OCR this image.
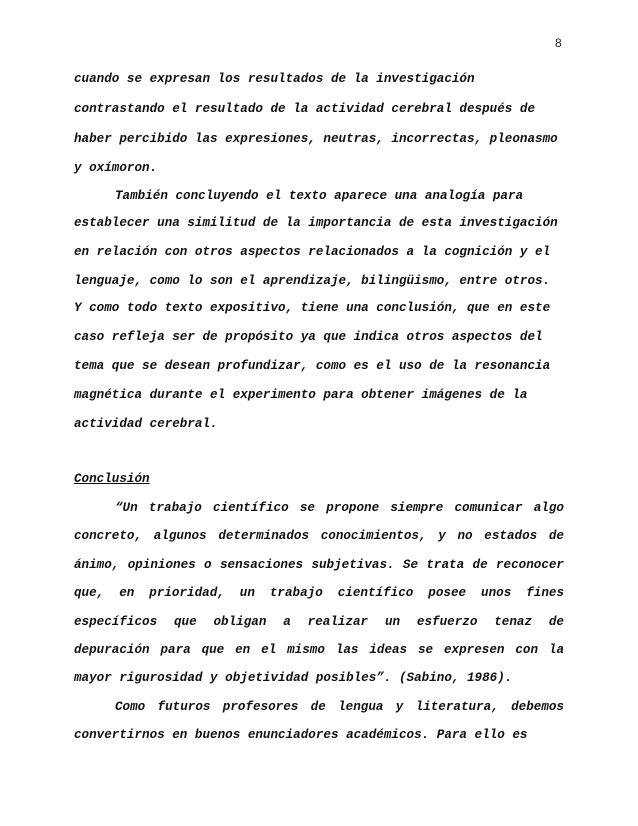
8
cuando se expresan los resultados de la investigación
contrastando el resultado de la actividad cerebral después de
haber percibido las expresiones, neutras, incorrectas, pleonasmo
y oxímoron.
También concluyendo el texto aparece una analogía para
establecer una similitud de la importancia de esta investigación
en relación con otros aspectos relacionados a la cognición y el
lenguaje, como lo son el aprendizaje, bilingüismo, entre otros.
Y como todo texto expositivo, tiene una conclusión, que en este
caso refleja ser de propósito ya que indica otros aspectos del
tema que se desean profundizar, como es el uso de la resonancia
magnética durante el experimento para obtener imágenes de la
actividad cerebral.
Conclusión
“Un trabajo científico se propone siempre comunicar algo
concreto, algunos determinados conocimientos, y no estados de
ánimo, opiniones o sensaciones subjetivas. Se trata de reconocer
que, en prioridad, un trabajo científico posee unos fines
específicos que obligan a realizar un esfuerzo tenaz de
depuración para que en el mismo las ideas se expresen con la
mayor rigurosidad y objetividad posibles”. (Sabino, 1986).
Como futuros profesores de lengua y literatura, debemos
convertirnos en buenos enunciadores académicos. Para ello es
